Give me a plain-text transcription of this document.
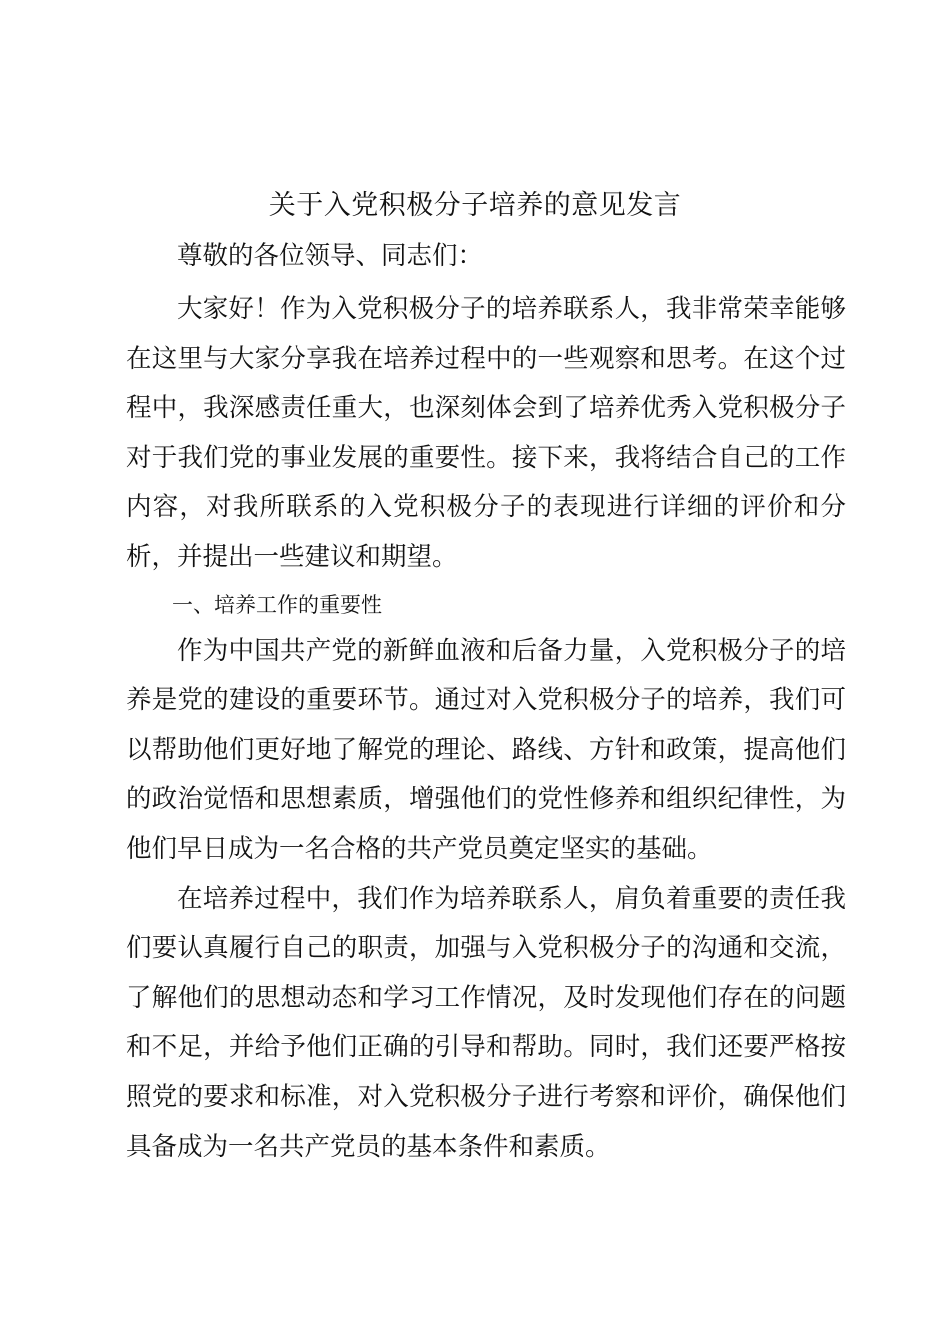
关于入党积极分子培养的意见发言

尊敬的各位领导、同志们：

大家好！作为入党积极分子的培养联系人，我非常荣幸能够在这里与大家分享我在培养过程中的一些观察和思考。在这个过程中，我深感责任重大，也深刻体会到了培养优秀入党积极分子对于我们党的事业发展的重要性。接下来，我将结合自己的工作内容，对我所联系的入党积极分子的表现进行详细的评价和分析，并提出一些建议和期望。

一、培养工作的重要性

作为中国共产党的新鲜血液和后备力量，入党积极分子的培养是党的建设的重要环节。通过对入党积极分子的培养，我们可以帮助他们更好地了解党的理论、路线、方针和政策，提高他们的政治觉悟和思想素质，增强他们的党性修养和组织纪律性，为他们早日成为一名合格的共产党员奠定坚实的基础。

在培养过程中，我们作为培养联系人，肩负着重要的责任我们要认真履行自己的职责，加强与入党积极分子的沟通和交流，了解他们的思想动态和学习工作情况，及时发现他们存在的问题和不足，并给予他们正确的引导和帮助。同时，我们还要严格按照党的要求和标准，对入党积极分子进行考察和评价，确保他们具备成为一名共产党员的基本条件和素质。
